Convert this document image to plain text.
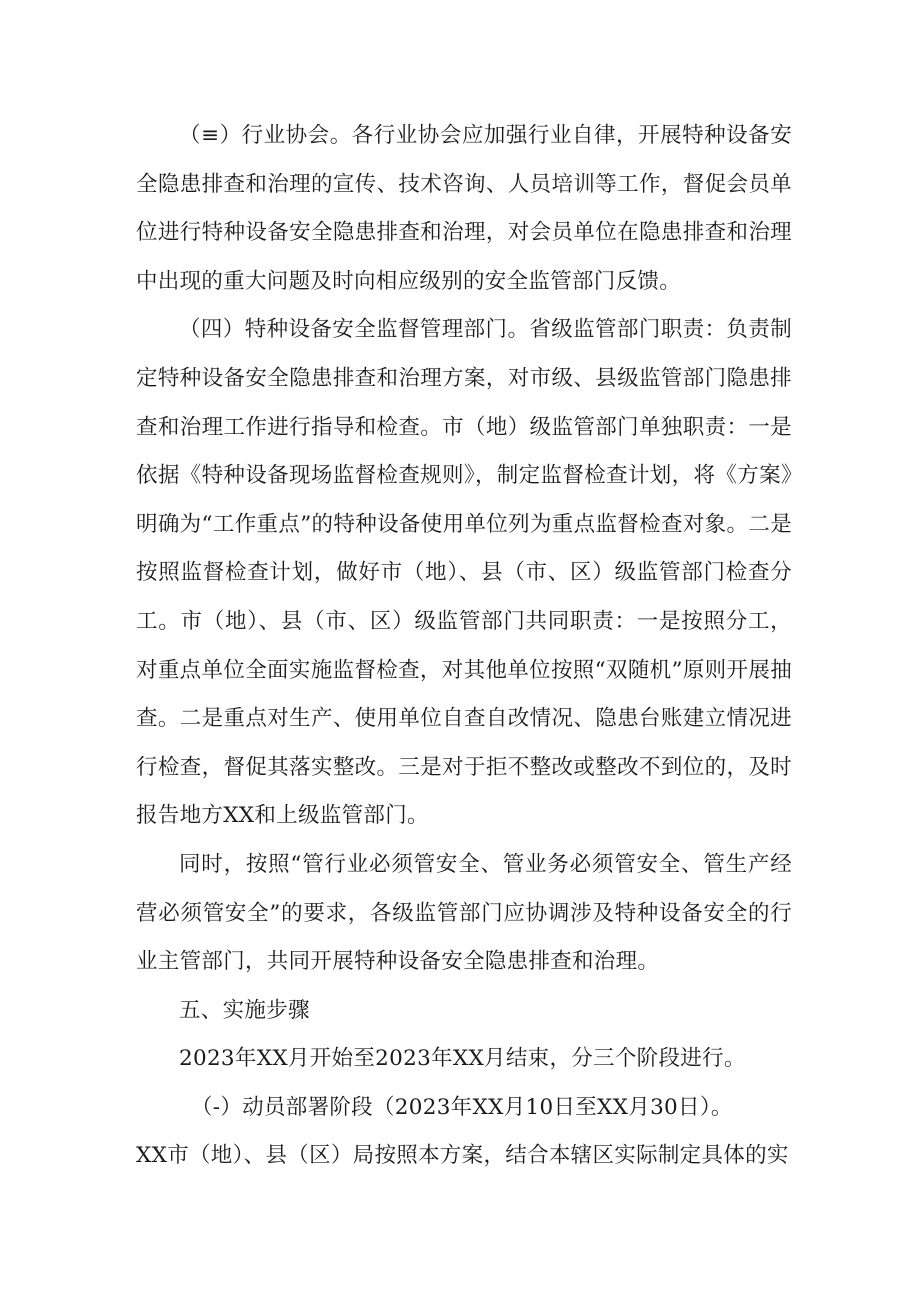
（≡）行业协会。各行业协会应加强行业自律，开展特种设备安全隐患排查和治理的宣传、技术咨询、人员培训等工作，督促会员单位进行特种设备安全隐患排查和治理，对会员单位在隐患排查和治理中出现的重大问题及时向相应级别的安全监管部门反馈。

（四）特种设备安全监督管理部门。省级监管部门职责：负责制定特种设备安全隐患排查和治理方案，对市级、县级监管部门隐患排查和治理工作进行指导和检查。市（地）级监管部门单独职责：一是依据《特种设备现场监督检查规则》，制定监督检查计划，将《方案》明确为“工作重点”的特种设备使用单位列为重点监督检查对象。二是按照监督检查计划，做好市（地）、县（市、区）级监管部门检查分工。市（地）、县（市、区）级监管部门共同职责：一是按照分工，对重点单位全面实施监督检查，对其他单位按照“双随机”原则开展抽查。二是重点对生产、使用单位自查自改情况、隐患台账建立情况进行检查，督促其落实整改。三是对于拒不整改或整改不到位的，及时报告地方XX和上级监管部门。

同时，按照“管行业必须管安全、管业务必须管安全、管生产经营必须管安全”的要求，各级监管部门应协调涉及特种设备安全的行业主管部门，共同开展特种设备安全隐患排查和治理。

五、实施步骤

2023年XX月开始至2023年XX月结束，分三个阶段进行。

（-）动员部署阶段（2023年XX月10日至XX月30日）。

XX市（地）、县（区）局按照本方案，结合本辖区实际制定具体的实
